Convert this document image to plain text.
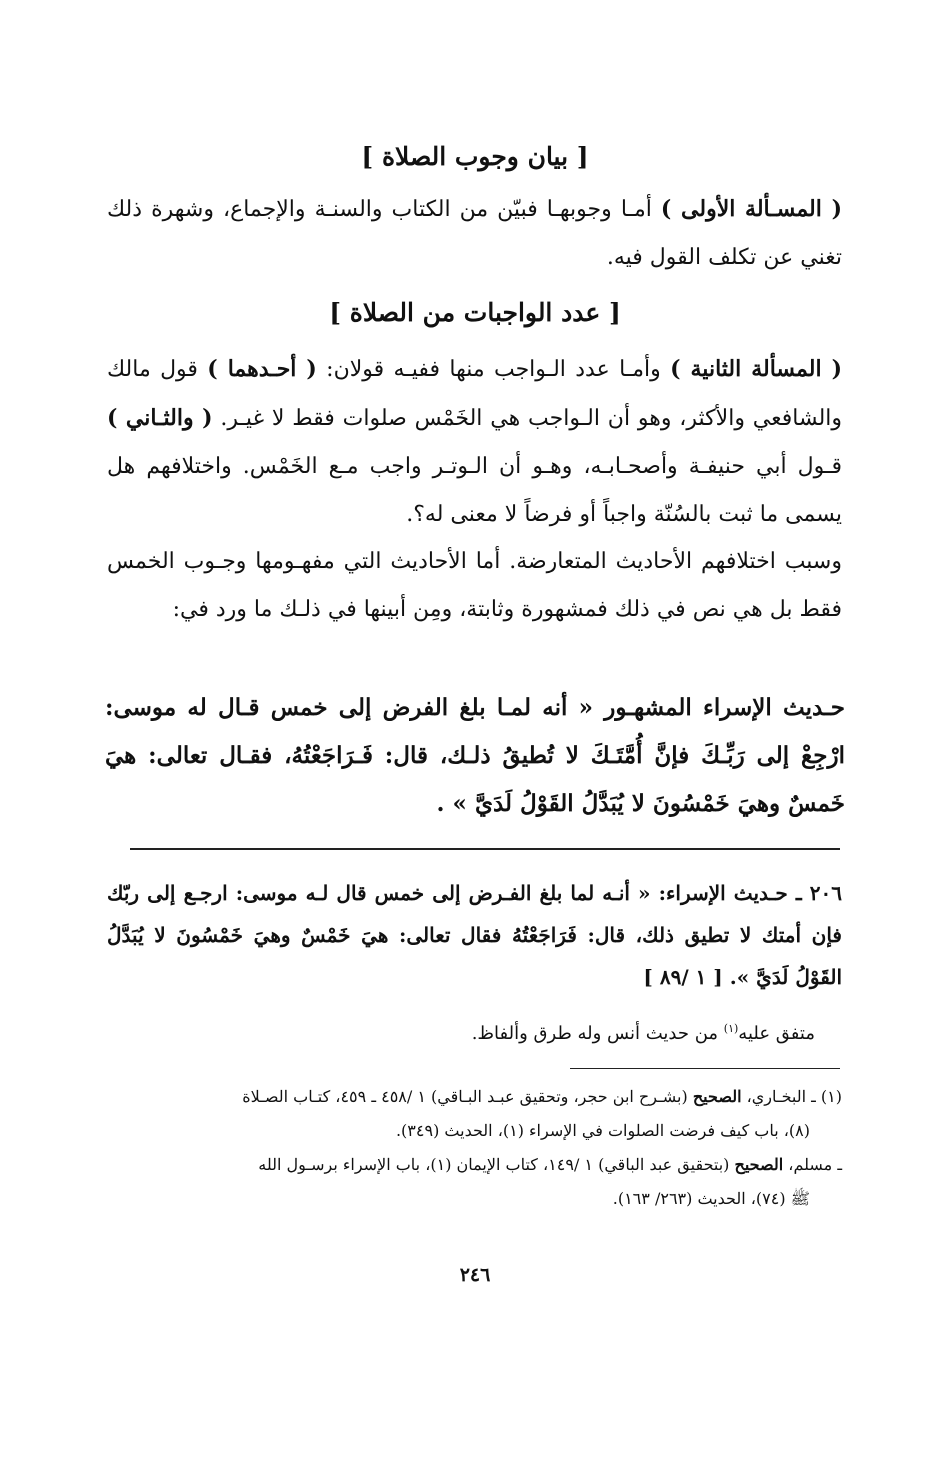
[ بيان وجوب الصلاة ]
( المسـألة الأولى ) أمـا وجوبهـا فبيّن من الكتاب والسنـة والإجماع، وشهرة ذلك تغني عن تكلف القول فيه.
[ عدد الواجبات من الصلاة ]
( المسألة الثانية ) وأمـا عدد الـواجب منها ففيـه قولان: ( أحـدهما ) قول مالك والشافعي والأكثر، وهو أن الـواجب هي الخَمْس صلوات فقط لا غيـر. ( والثـاني ) قـول أبي حنيفـة وأصحـابـه، وهـو أن الـوتـر واجب مـع الخَمْس. واختلافهم هل يسمى ما ثبت بالسُنّة واجباً أو فرضاً لا معنى له؟.
وسبب اختلافهم الأحاديث المتعارضة. أما الأحاديث التي مفهـومها وجـوب الخمس فقط بل هي نص في ذلك فمشهورة وثابتة، ومِن أبينها في ذلـك ما ورد في:
حـديث الإسراء المشهـور « أنه لمـا بلغ الفرض إلى خمس قـال له موسى: ارْجِعْ إلى رَبِّـكَ فإنَّ أُمَّتَـكَ لا تُطيقُ ذلـك، قال: فَـرَاجَعْتُهُ، فقـال تعالى: هيَ خَمسٌ وهيَ خَمْسُونَ لا يُبَدَّلُ القَوْلُ لَدَيَّ » .
٢٠٦ ـ حـديث الإسراء: « أنـه لما بلغ الفـرض إلى خمس قال لـه موسى: ارجـع إلى ربّك فإن أمتك لا تطيق ذلك، قال: فَرَاجَعْتُهُ فقال تعالى: هيَ خَمْسٌ وهيَ خَمْسُونَ لا يُبَدَّلُ القَوْلُ لَدَيَّ ». [ ١ /٨٩ ]
متفق عليه$^{(١)}$ من حديث أنس وله طرق وألفاظ.
(١) ـ البخـاري، الصحيح (بشـرح ابن حجر، وتحقيق عبـد البـاقي) ١ /٤٥٨ ـ ٤٥٩، كتـاب الصـلاة
(٨)، باب كيف فرضت الصلوات في الإسراء (١)، الحديث (٣٤٩).
ـ مسلم، الصحيح (بتحقيق عبد الباقي) ١ /١٤٩، كتاب الإيمان (١)، باب الإسراء برسـول الله
ﷺ (٧٤)، الحديث (٢٦٣/ ١٦٣).
٢٤٦
